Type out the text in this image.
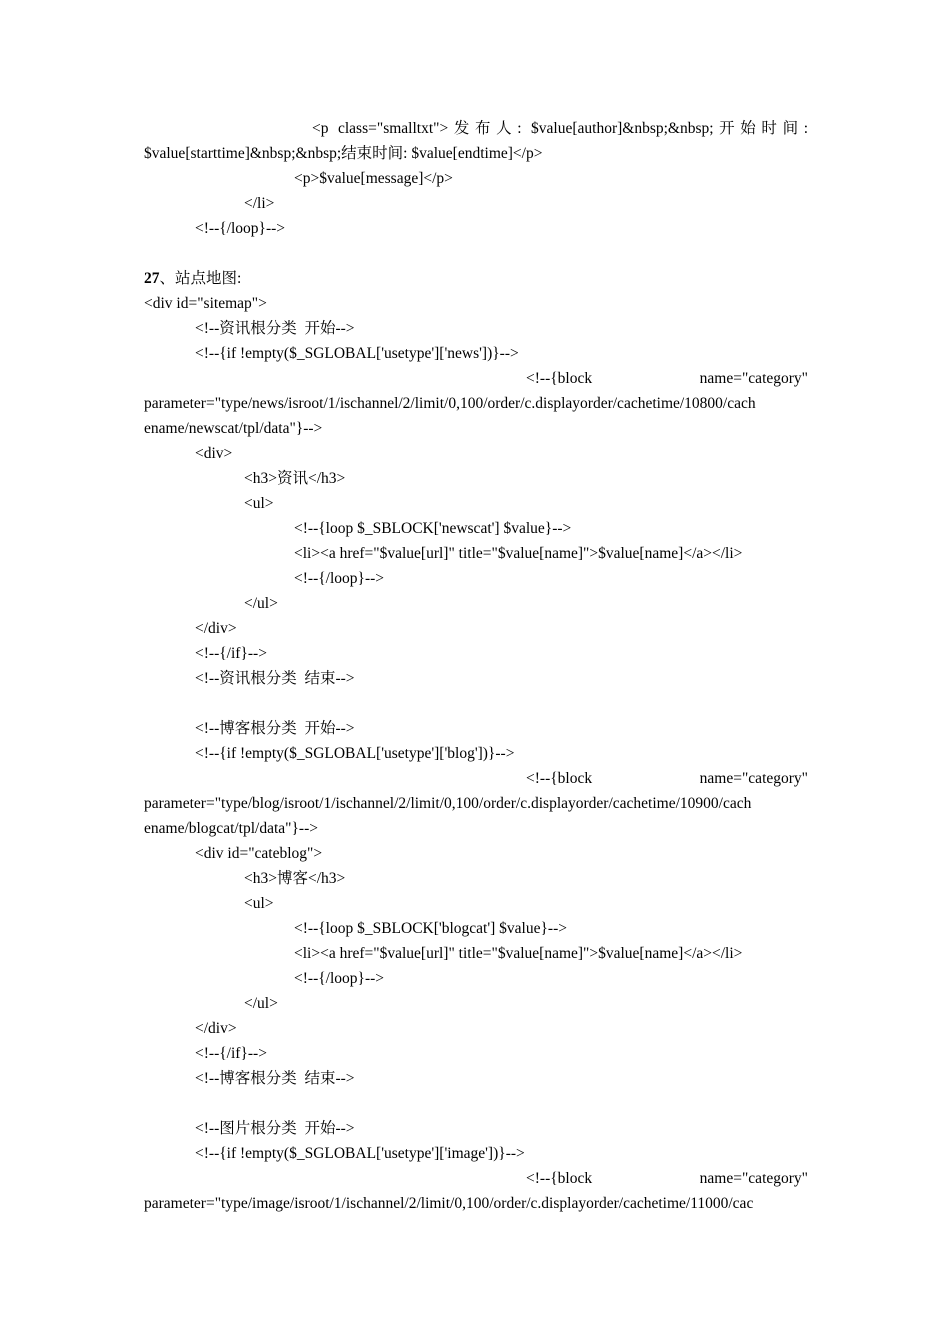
<p class="smalltxt">发布人: $value[author]&nbsp;&nbsp;开始时间:
$value[starttime]&nbsp;&nbsp;结束时间: $value[endtime]</p>
<p>$value[message]</p>
</li>
<!--{/loop}-->
27、站点地图:
<div id="sitemap">
<!--资讯根分类  开始-->
<!--{if !empty($_SGLOBAL['usetype']['news'])}-->
<!--{block	name="category"
parameter="type/news/isroot/1/ischannel/2/limit/0,100/order/c.displayorder/cachetime/10800/cach
ename/newscat/tpl/data"}-->
<div>
<h3>资讯</h3>
<ul>
<!--{loop $_SBLOCK['newscat'] $value}-->
<li><a href="$value[url]" title="$value[name]">$value[name]</a></li>
<!--{/loop}-->
</ul>
</div>
<!--{/if}-->
<!--资讯根分类  结束-->
<!--博客根分类  开始-->
<!--{if !empty($_SGLOBAL['usetype']['blog'])}-->
<!--{block	name="category"
parameter="type/blog/isroot/1/ischannel/2/limit/0,100/order/c.displayorder/cachetime/10900/cach
ename/blogcat/tpl/data"}-->
<div id="cateblog">
<h3>博客</h3>
<ul>
<!--{loop $_SBLOCK['blogcat'] $value}-->
<li><a href="$value[url]" title="$value[name]">$value[name]</a></li>
<!--{/loop}-->
</ul>
</div>
<!--{/if}-->
<!--博客根分类  结束-->
<!--图片根分类  开始-->
<!--{if !empty($_SGLOBAL['usetype']['image'])}-->
<!--{block	name="category"
parameter="type/image/isroot/1/ischannel/2/limit/0,100/order/c.displayorder/cachetime/11000/cac
